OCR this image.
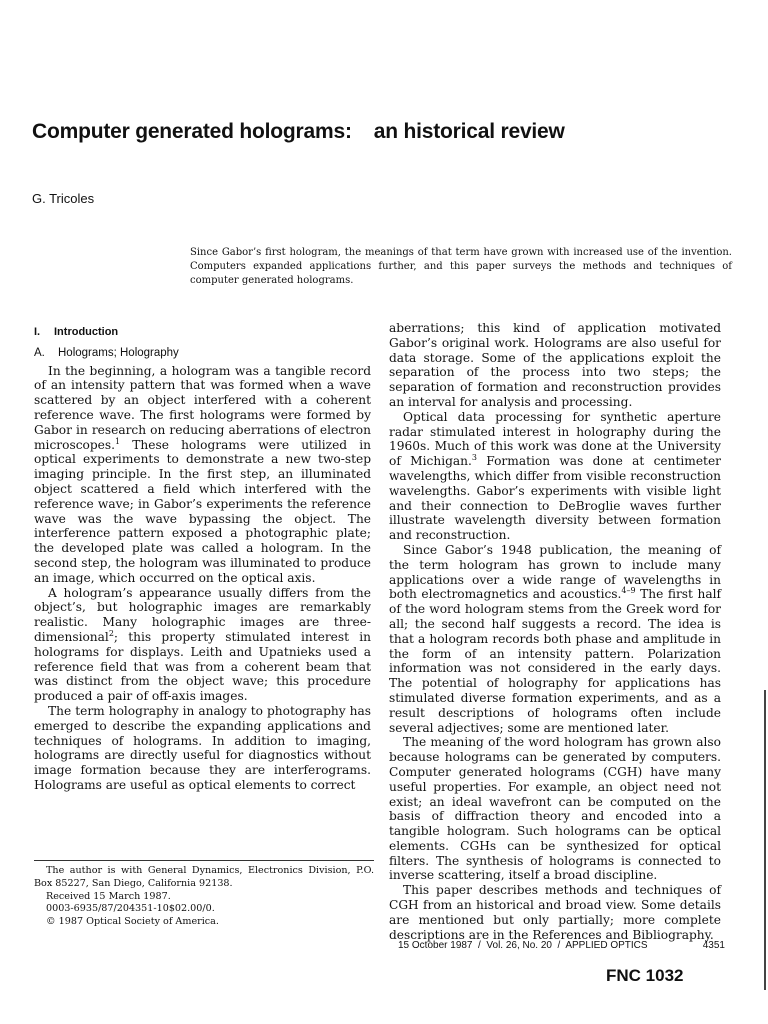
Computer generated holograms: an historical review
G. Tricoles

Since Gabor’s first hologram, the meanings of that term have grown with increased use of the invention. Computers expanded applications further, and this paper surveys the methods and techniques of computer generated holograms.

I.	Introduction
A.	Holograms; Holography

In the beginning, a hologram was a tangible record of an intensity pattern that was formed when a wave scattered by an object interfered with a coherent reference wave. The first holograms were formed by Gabor in research on reducing aberrations of electron microscopes.$^1$ These holograms were utilized in optical experiments to demonstrate a new two-step imaging principle. In the first step, an illuminated object scattered a field which interfered with the reference wave; in Gabor’s experiments the reference wave was the wave bypassing the object. The interference pattern exposed a photographic plate; the developed plate was called a hologram. In the second step, the hologram was illuminated to produce an image, which occurred on the optical axis.

A hologram’s appearance usually differs from the object’s, but holographic images are remarkably realistic. Many holographic images are three-dimensional$^2$; this property stimulated interest in holograms for displays. Leith and Upatnieks used a reference field that was from a coherent beam that was distinct from the object wave; this procedure produced a pair of off-axis images.

The term holography in analogy to photography has emerged to describe the expanding applications and techniques of holograms. In addition to imaging, holograms are directly useful for diagnostics without image formation because they are interferograms. Holograms are useful as optical elements to correct

aberrations; this kind of application motivated Gabor’s original work. Holograms are also useful for data storage. Some of the applications exploit the separation of the process into two steps; the separation of formation and reconstruction provides an interval for analysis and processing.

Optical data processing for synthetic aperture radar stimulated interest in holography during the 1960s. Much of this work was done at the University of Michigan.$^3$ Formation was done at centimeter wavelengths, which differ from visible reconstruction wavelengths. Gabor’s experiments with visible light and their connection to DeBroglie waves further illustrate wavelength diversity between formation and reconstruction.

Since Gabor’s 1948 publication, the meaning of the term hologram has grown to include many applications over a wide range of wavelengths in both electromagnetics and acoustics.$^{4-9}$ The first half of the word hologram stems from the Greek word for all; the second half suggests a record. The idea is that a hologram records both phase and amplitude in the form of an intensity pattern. Polarization information was not considered in the early days. The potential of holography for applications has stimulated diverse formation experiments, and as a result descriptions of holograms often include several adjectives; some are mentioned later.

The meaning of the word hologram has grown also because holograms can be generated by computers. Computer generated holograms (CGH) have many useful properties. For example, an object need not exist; an ideal wavefront can be computed on the basis of diffraction theory and encoded into a tangible hologram. Such holograms can be optical elements. CGHs can be synthesized for optical filters. The synthesis of holograms is connected to inverse scattering, itself a broad discipline.

This paper describes methods and techniques of CGH from an historical and broad view. Some details are mentioned but only partially; more complete descriptions are in the References and Bibliography.

The author is with General Dynamics, Electronics Division, P.O. Box 85227, San Diego, California 92138.

Received 15 March 1987.

0003-6935/87/204351-10$02.00/0.

© 1987 Optical Society of America.

15 October 1987  /  Vol. 26, No. 20  /  APPLIED OPTICS	4351
FNC 1032
